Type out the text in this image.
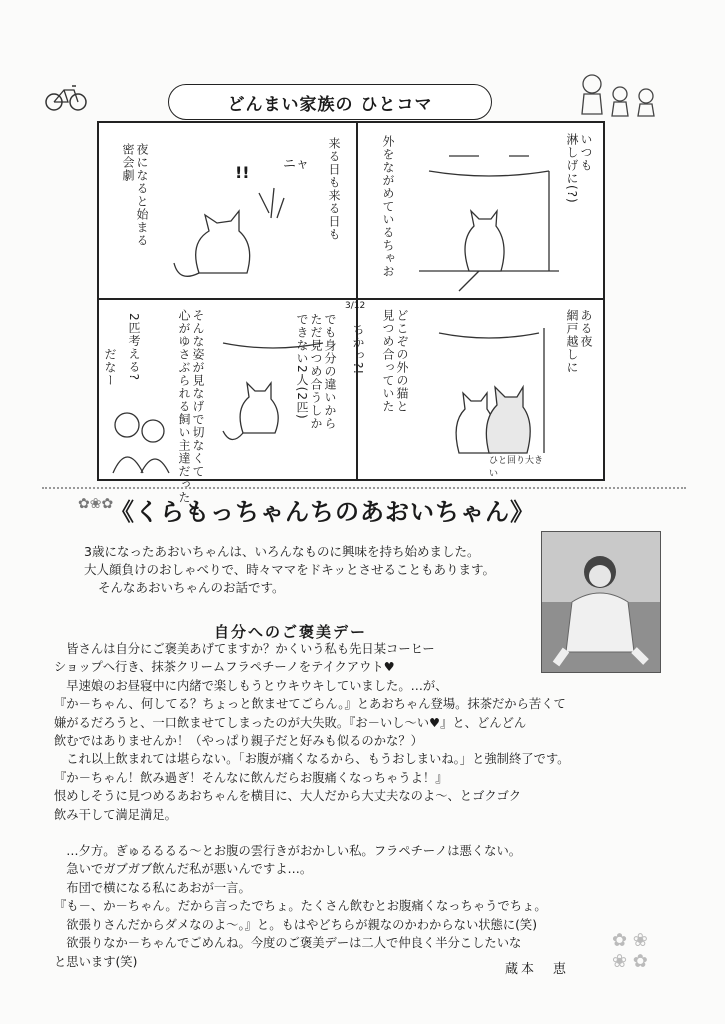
どんまい家族の ひとコマ
いつも
淋しげに(?)
外をながめているちゃお
来る日も来る日も
夜になると始まる
密会劇	!!	ニャ
ある夜
網戸越しに
どこぞの外の猫と
見つめ合っていた
ひと回り大きい
3/12
でも身分の違いから
ただ見つめ合うしか
できない2人(2匹)	ちかっ?!
そんな姿が見なげで切なくて
心がゆさぶられる飼い主達だった
2匹考える?
だなー
✿❀✿
《くらもっちゃんちのあおいちゃん》
3歳になったあおいちゃんは、いろんなものに興味を持ち始めました。
大人顔負けのおしゃべりで、時々ママをドキッとさせることもあります。
そんなあおいちゃんのお話です。
自分へのご褒美デー

　皆さんは自分にご褒美あげてますか？かくいう私も先日某コーヒー

ショップへ行き、抹茶クリームフラペチーノをテイクアウト♥

　早速娘のお昼寝中に内緒で楽しもうとウキウキしていました。…が、

『か－ちゃん、何してる？ちょっと飲ませてごらん。』とあおちゃん登場。抹茶だから苦くて

嫌がるだろうと、一口飲ませてしまったのが大失敗。『お－いし～い♥』と、どんどん

飲むではありませんか！（やっぱり親子だと好みも似るのかな？）

　これ以上飲まれては堪らない。「お腹が痛くなるから、もうおしまいね。」と強制終了です。

『か－ちゃん！飲み過ぎ！そんなに飲んだらお腹痛くなっちゃうよ！』

恨めしそうに見つめるあおちゃんを横目に、大人だから大丈夫なのよ～、とゴクゴク

飲み干して満足満足。

　…夕方。ぎゅるるるる～とお腹の雲行きがおかしい私。フラペチーノは悪くない。

　急いでガブガブ飲んだ私が悪いんですよ…。

　布団で横になる私にあおが一言。

『も－、か－ちゃん。だから言ったでちょ。たくさん飲むとお腹痛くなっちゃうでちょ。

　欲張りさんだからダメなのよ～。』と。もはやどちらが親なのかわからない状態に(笑)

　欲張りなか－ちゃんでごめんね。今度のご褒美デーは二人で仲良く半分こしたいな

と思います(笑)

蔵本　恵
✿ ❀
❀ ✿
